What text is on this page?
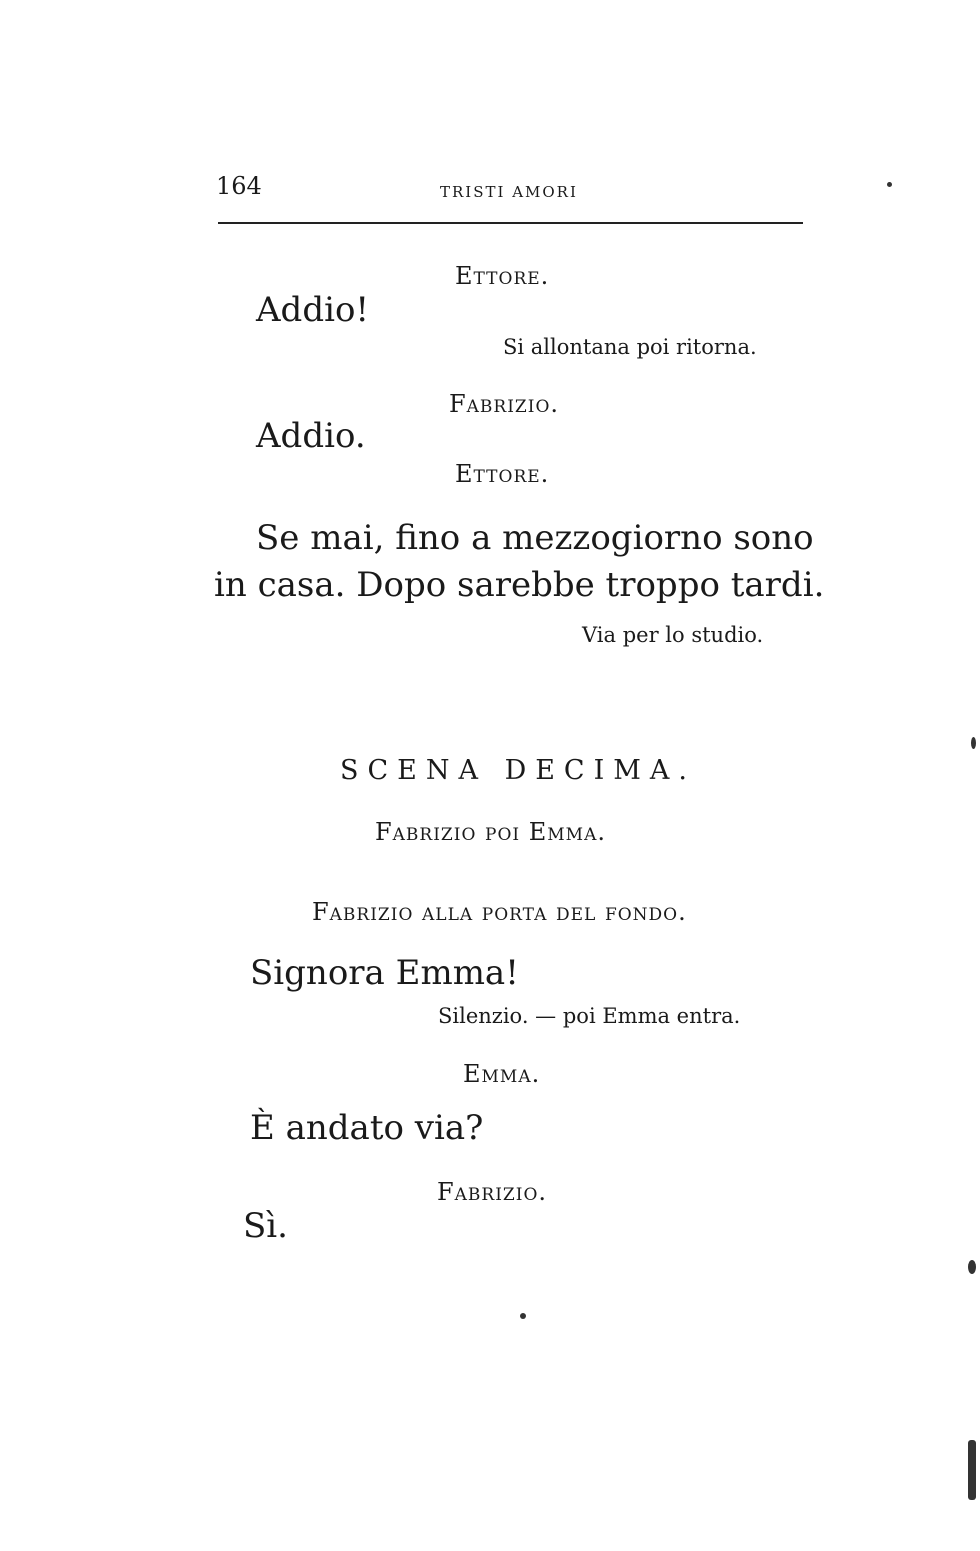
164	TRISTI AMORI
Ettore.
Addio!
Si allontana poi ritorna.
Fabrizio.
Addio.
Ettore.
Se mai, fino a mezzogiorno sono
in casa. Dopo sarebbe troppo tardi.
Via per lo studio.
SCENA DECIMA.
Fabrizio poi Emma.
Fabrizio alla porta del fondo.
Signora Emma!
Silenzio. — poi Emma entra.
Emma.
È andato via?
Fabrizio.
Sì.
